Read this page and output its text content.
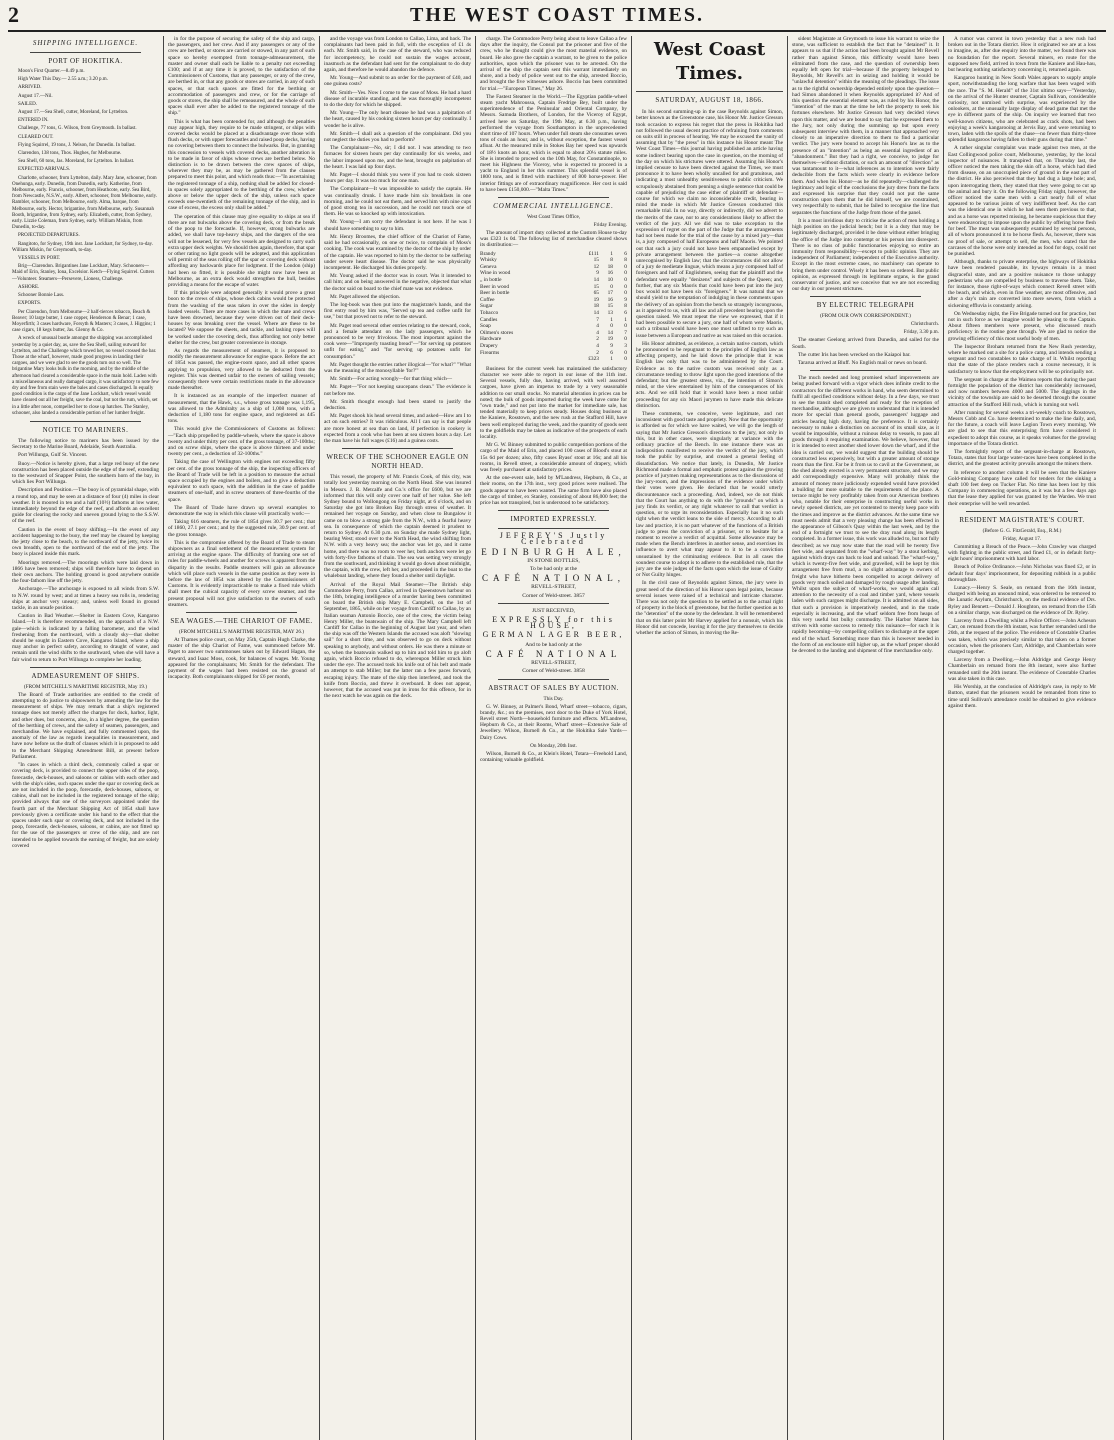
2	THE WEST COAST TIMES.
SHIPPING INTELLIGENCE.
PORT OF HOKITIKA.

Moon's First Quarter.—8.49 p.m.

High Water This Day.— 2.55 a.m.; 3.20 p.m.

ARRIVED.

August 17.—Nil.

SAILED.

August 17.—Sea Shell, cutter, Moreland, for Lyttelton.

ENTERED IN.

Challenge, 77 tons, G. Wilson, from Greymouth. In ballast.

CLEARED OUT.

Flying Squirrel, 19 tons, J. Nelson, for Dunedin. In ballast.

Clarendon, 138 tons, Thos. Hughes, for Melbourne.

Sea Shell, 60 tons, Jas. Moreland, for Lyttelton. In ballast.

EXPECTED ARRIVALS.

Charlotte, schooner, from Lyttelton, daily. Mary Jane, schooner, from Onehunga, early. Dunedin, from Dunedin, early. Katherine, from Melbourne, early. Francis, schooner, from Heathcote, early. Sea Bird, from Newcastle, N.S.W., early. Albert, schooner, from Melbourne, early. Rambler, schooner, from Melbourne, early. Alma, barque, from Melbourne, early. Hector, brigantine, from Melbourne, early. Susannah Booth, brigantine, from Sydney, early. Elizabeth, cutter, from Sydney, early. Lizzie Coleman, from Sydney, early. William Miskin, from Dunedin, to-day.

PROJECTED DEPARTURES.

Rangitoto, for Sydney, 19th inst. Jane Lockhart, for Sydney, to-day. William Miskin, for Greymouth, to-day.

VESSELS IN PORT.

Brig—Clarendon. Brigantines Jane Lockhart, Mary. Schooners—Maid of Erin, Stanley, Iona, Excelsior. Ketch—Flying Squirrel. Cutters—Volunteer. Steamers—Persevere, Lioness, Challenge.

ASHORE.

Schooner Bonnie Lass.

EXPORTS.

Per Clarendon, from Melbourne—2 half-tierces tobacco, Beach & Beaver; 10 large butter, 1 case copper, Henderson & Benar; 1 case, Moyerfirth; 3 cases hardware, Forsyth & Masters; 3 cases, J. Higgins; 1 case cigars, 18 kegs butter, Jas. Glenny & Co.

A wreck of unusual bustle amongst the shipping was accomplished yesterday by a quiet day, as, save the Sea Shell, sailing outward for Lyttelton, and the Challenge which towed her, no vessel crossed the bar. Those at the wharf, however, made good progress in landing their cargoes, and we were glad to see the goods turn out so well. The brigantine Mary looks bulk in the morning, and by the middle of the afternoon had cleared a considerable space in the main hold. Laden with a miscellaneous and really damaged cargo, it was satisfactory to note few dry and free from stain were the bales and cases discharged. In equally good condition is the cargo of the Jane Lockhart, which vessel would have cleared out all her freight, save the coal, but not the rum, which, set in a little after noon, compelled her to close up hatches. The Stanley, schooner, also landed a considerable portion of her lumber freight.

NOTICE TO MARINERS.

The following notice to mariners has been issued by the Secretary to the Marine Board, Adelaide, South Australia.

Port Willunga, Gulf St. Vincent.

Buoy.—Notice is hereby given, that a large red buoy of the new construction has been placed outside the edge of the reef, extending to the westward of Snapper Point, the southern horn of the bay, in which lies Port Willunga.

Description and Position.—The buoy is of pyramidal shape, with a round top, and may be seen at a distance of four (4) miles in clear weather. It is moored in ten and a half (10½) fathoms at low water, immediately beyond the edge of the reef, and affords an excellent guide for clearing the rocky and uneven ground lying to the S.S.W. of the reef.

Caution in the event of buoy shifting.—In the event of any accident happening to the buoy, the reef may be cleared by keeping the jetty close to the beach, to the northward of the jetty, twice its own breadth, open to the northward of the end of the jetty. The buoy is placed inside this mark.

Moorings removed.—The moorings which were laid down in 1866 have been removed; ships will therefore have to depend on their own anchors. The holding ground is good anywhere outside the four-fathom line off the jetty.

Anchorage.—The anchorage is exposed to all winds from S.W. to N.W. round by west; and at times a heavy sea rolls in, rendering ships at anchor very uneasy; and, unless well found in ground tackle, in an unsafe position.

Caution in Bad Weather.—Shelter in Eastern Cove, Kangaroo Island.—It is therefore recommended, on the approach of a N.W. gale—which is indicated by a falling barometer, and the wind freshening from the northward, with a cloudy sky—that shelter should be sought in Eastern Cove, Kangaroo Island, where a ship may anchor in perfect safety, according to draught of water, and remain until the wind shifts to the southward, when she will have a fair wind to return to Port Willunga to complete her loading.

ADMEASUREMENT OF SHIPS.
(FROM MITCHELL'S MARITIME REGISTER, May 19.)

The Board of Trade authorities are entitled to the credit of attempting to do justice to shipowners by amending the law for the measurement of ships. We may remark that a ship's registered tonnage does not merely affect the charges for dock, harbor, light, and other dues, but concerns, also, in a higher degree, the question of the berthing of crews, and the safety of seamen, passengers, and merchandise. We have explained, and fully commented upon, the anomaly of the law as regards inequalities in measurement, and have now before us the draft of clauses which it is proposed to add to the Merchant Shipping Amendment Bill, at present before Parliament.

"In cases in which a third deck, commonly called a spar or covering deck, is provided to connect the upper sides of the poop, forecastle, deck-houses, and saloons or cabins with each other and with the ship's sides, such spaces under the spar or covering deck as are not included in the poop, forecastle, deck-houses, saloons, or cabins, shall not be included in the registered tonnage of the ship; provided always that one of the surveyors appointed under the fourth part of the Merchant Shipping Act of 1854 shall have previously given a certificate under his hand to the effect that the spaces under such spar or covering deck, and not included in the poop, forecastle, deck-houses, saloons, or cabins, are not fitted up for the use of the passengers or crew of the ship, and are not intended to be applied towards the earning of freight, but are solely covered

in for the purpose of securing the safety of the ship and cargo, the passengers, and her crew. And if any passengers or any of the crew are berthed, or stores are carried or stowed, in any part of such space so hereby exempted from tonnage-admeasurement, the master and owner shall each be liable to a penalty not exceeding £100; and if at any time it is proved, to the satisfaction of the Commissioners of Customs, that any passenger, or any of the crew, are berthed in, or that any goods or stores are carried, in any of such spaces, or that such spaces are fitted for the berthing or accommodation of passengers and crew, or for the carriage of goods or stores, the ship shall be remeasured, and the whole of such spaces shall ever after be added to the registered tonnage of the ship."

This is what has been contended for, and although the penalties may appear high, they require to be made stringent, or ships with covered decks would be placed at a disadvantage over those with flush decks, or with upper forecastles and raised poop decks, having no covering between them to connect the bulwarks. But, in granting this concession to vessels with covered decks, another alteration is to be made in favor of ships whose crews are berthed below. No distinction is to be drawn between the crew spaces of ships, wherever they may be, as may be gathered from the clauses prepared to meet this point, and which reads thus:—"In ascertaining the registered tonnage of a ship, nothing shall be added for closed-in spaces solely appropriated to the berthing of the crew, whether above or below the upper deck of the ship, unless such space exceeds one-twentieth of the remaining tonnage of the ship, and in case of excess, the excess only shall be added."

The operation of this clause may give equality to ships at sea if there are not bulwarks above the covering deck, or from the break of the poop to the forecastle. If, however, strong bulwarks are added, we shall have top-heavy ships, and the dangers of the sea will not be lessened, for very few vessels are designed to carry such extra upper deck weights. We should then again, therefore, that spar or other rating no light goods will be adopted, and this application will permit of the seas rolling off the spar or covering deck without affording any backwards place for lodgment. If the London (ship) had been so fitted, it is possible she might now have been at Melbourne, as an extra deck would strengthen the hull, besides providing a means for the escape of water.

If this principle were adopted generally it would prove a great boon to the crews of ships, whose deck cabins would be protected from the washing of the seas taken in over the sides in deeply loaded vessels. There are more cases in which the mate and crews have been drowned, because they were driven out of their deck-houses by seas breaking over the vessel. Where are these to be located? We suppose the sheets, and tackle, and lashing ropes will be worked under the covering deck, thus affording not only better shelter for the crew, but greater convenience in storage.

As regards the measurement of steamers, it is proposed to modify the measurement allowance for engine space. Before the act of 1854 was passed, the engine-room space, and all other spaces applying to propulsion, very allowed to be deducted from the register. This was deemed unfair to the owners of sailing vessels; consequently there were certain restrictions made in the allowance made thereafter.

It is instanced as an example of the imperfect manner of measurement, that the Hawk, s.s., whose gross tonnage was 1,195, was allowed to the Admiralty as a ship of 1,008 tons, with a deduction of 1,180 tons for engine space, and registered as 445 tons.

This would give the Commissioners of Customs as follows:—"Each ship propelled by paddle-wheels, where the space is above twenty and under thirty per cent. of the gross tonnage, of 37-100ths; and on screw ships, where the space is above thirteen and under twenty per cent., a deduction of 32-100ths."

Taking the case of Wellington with engines not exceeding fifty per cent. of the gross tonnage of the ship, the inspecting officers of the Board of Trade will be left in a position to measure the actual space occupied by the engines and boilers, and to give a deduction equivalent to such space, with the addition in the case of paddle steamers of one-half, and in screw steamers of three-fourths of the space.

The Board of Trade have drawn up several examples to demonstrate the way in which this clause will practically work:—

Taking 616 steamers, the rule of 1854 gives 30.7 per cent.; that of 1860, 27.1 per cent.; and by the suggested rule, 30.9 per cent. of the gross tonnage.

This is the compromise offered by the Board of Trade to steam shipowners as a final settlement of the measurement system for arriving at the engine space. The difficulty of framing one set of rules for paddle-wheels and another for screws is apparent from the disparity in the results. Paddle steamers will gain an allowance which will place such vessels in the same position as they were in before the law of 1854 was altered by the Commissioners of Customs. It is evidently impracticable to make a fixed rule which shall meet the cubical capacity of every screw steamer, and the present proposal will not give satisfaction to the owners of such steamers.

SEA WAGES.—THE CHARIOT OF FAME.
(FROM MITCHELL'S MARITIME REGISTER, MAY 26.)

At Thames police court, on May 25th, Captain Hugh Clarke, the master of the ship Chariot of Fame, was summoned before Mr. Paget to answer two summonses taken out by Edward Hagan, the steward, and Isaac Moss, cook, for balances of wages. Mr. Young appeared for the complainants; Mr. Smith for the defendant. The payment of the wages had been resisted on the ground of incapacity. Both complainants shipped for £6 per month,

and the voyage was from London to Callao, Lima, and back. The complainants had been paid in full, with the exception of £1 4s each. Mr. Smith said, in the case of the steward, who was reduced for incompetency, he could not sustain the wages account, inasmuch as the defendant had sent for the complainant to do duty again, and therefore he would abandon the defence.

Mr. Young—And submit to an order for the payment of £40, and one guinea costs?

Mr. Smith—Yes. Now I come to the case of Moss. He had a hard disease of incurable standing, and he was thoroughly incompetent to do the duty for which he shipped.

Mr. Young—The only heart disease he had was a palpitation of the heart, caused by his cooking sixteen hours per day continually. I wonder he is alive.

Mr. Smith—I shall ask a question of the complainant. Did you not neglect the duties you had to perform?

The Complainant—No, sir; I did not. I was attending to two furnaces for sixteen hours per day continually for six weeks, and the labor imposed upon me, and the heat, brought on palpitation of the heart. I was laid up four days.

Mr. Paget—I should think you were if you had to cook sixteen hours per day. It was too much for one man.

The Complainant—It was impossible to satisfy the captain. He was continually drunk. I have made him six breakfasts in one morning, and he could not eat them, and served him with nine cups of good strong tea in succession, and he could not touch one of them. He was so knocked up with intoxication.

Mr. Young—I am sorry the defendant is not here. If he was I should have something to say to him.

Mr. Henry Broomes, the chief officer of the Chariot of Fame, said he had occasionally, on one or twice, to complain of Moss's cooking. The cook was examined by the doctor of the ship by order of the captain. He was reported to him by the doctor to be suffering under severe heart disease. The doctor said he was physically incompetent. He discharged his duties properly.

Mr. Young asked if the doctor was in court. Was it intended to call him; and on being answered in the negative, objected that what the doctor said on board to the chief mate was not evidence.

Mr. Paget allowed the objection.

The log-book was then put into the magistrate's hands, and the first entry read by him was, "Served up tea and coffee unfit for use," but that proved not to refer to the steward.

Mr. Paget read several other entries relating to the steward, cook, and a female attendant on the lady passengers, which he pronounced to be very frivolous. The most important against the cook were—"Improperly toasting bread"—"for serving up potatoes unfit for eating," and "for serving up potatoes unfit for consumption."

Mr. Paget thought the entries rather illogical—"for what?" "What was the meaning of the monosyllable 'for?'"

Mr. Smith—For acting wrongly—for that thing which—

Mr. Paget—"For not keeping saucepans clean." The evidence is not before me.

Mr. Smith thought enough had been stated to justify the deduction.

Mr. Paget shook his head several times, and asked—How am I to act on such entries? It was ridiculous. All I can say is that people are more honest at sea than on land, if perfection in cookery is expected from a cook who has been at sea sixteen hours a day. Let the man have his full wages (£16) and a guinea costs.

WRECK OF THE SCHOONER EAGLE ON NORTH HEAD.

This vessel, the property of Mr. Francis Cook, of this city, was totally lost yesterday morning on the North Head. She was insured in Messrs. J. B. Metcalfe and Co.'s office for £600, but we are informed that this will only cover one half of her value. She left Sydney bound to Wollongong on Friday night, at 6 o'clock, and on Saturday she got into Broken Bay through stress of weather. It remained her voyage on Sunday, and when close to Bungalow it came on to blow a strong gale from the N.W., with a fearful heavy sea. In consequence of which the captain deemed it prudent to return to Sydney. At 6.30 p.m. on Sunday she made Sydney light, bearing West; stood over to the North Head, the wind shifting from N.W. with a very heavy sea; the anchor was let go, and it came home, and there was no room to veer her, both anchors were let go with forty-five fathoms of chain. The sea was setting very strongly from the southward, and thinking it would go down about midnight, the captain, with the crew, left her, and proceeded in the boat to the whaleboat landing, where they found a shelter until daylight.

Arrival of the Royal Mail Steamer—The British ship Commodore Perry, from Callao, arrived in Queenstown harbour on the 18th, bringing intelligence of a murder having been committed on board the British ship Mary E. Campbell, on the 1st of September, 1865, while on her voyage from Cardiff to Callao, by an Italian seaman Antonio Boccio, one of the crew, the victim being Henry Miller, the boatswain of the ship. The Mary Campbell left Cardiff for Callao in the beginning of August last year, and when the ship was off the Western Islands the accused was aloft "slowing sail" for a short time, and was observed to go on deck without speaking to anybody, and without orders. He was there a minute or so, when the boatswain walked up to him and told him to go aloft again, which Boccio refused to do, whereupon Miller struck him under the eye. The accused took his knife out of his belt and made an attempt to stab Miller; but the latter ran a few paces forward, escaping injury. The mate of the ship then interfered, and took the knife from Boccio, and threw it overboard. It does not appear, however, that the accused was put in irons for this offence, for in the next watch he was again on the deck.

charge. The Commodore Perry being about to leave Callao a few days after the inquiry, the Consul put the prisoner and five of the crew, who he thought could give the most material evidence, on board. He also gave the captain a warrant, to be given to the police authorities, upon which the prisoner was to be arrested. On the arrival of the ship the captain sent this warrant immediately on shore, and a body of police went out to the ship, arrested Boccio, and brought the five witnesses ashore. Boccio has been committed for trial.—"European Times," May 26.

The Fastest Steamer in the World.—The Egyptian paddle-wheel steam yacht Mahroussa, Captain Fredrige Bey, built under the superintendence of the Peninsular and Oriental Company, by Messrs. Samuda Brothers, of London, for the Viceroy of Egypt, arrived here on Saturday, the 19th May, at 6.30 p.m., having performed the voyage from Southampton in the unprecedented short time of 107 hours. When under full steam she consumes seven tons of coals an hour, and is, without exception, the fastest vessel afloat. At the measured mile in Stokes Bay her speed was upwards of 18½ knots an hour, which is equal to about 20¼ statute miles. She is intended to proceed on the 10th May, for Constantinople, to meet his Highness the Viceroy, who is expected to proceed in a yacht to England in her this summer. This splendid vessel is of 1800 tons, and is fitted with machinery of 800 horse-power. Her interior fittings are of extraordinary magnificence. Her cost is said to have been £150,000.—"Malta Times."

COMMERCIAL INTELLIGENCE.
West Coast Times Office,
Friday Evening.

The amount of import duty collected at the Custom House to-day was £323 1s 0d. The following list of merchandise cleared shows its distribution:—

Brandy	£111	1	6
Whisky	15	8	8
Geneva	12	18	0
Wine in wood	9	16	0
„ in bottle	14	10	0
Beer in wood	15	0	0
Beer in bottle	65	17	0
Coffee	19	16	9
Sugar	18	15	8
Tobacco	14	13	6
Candles	7	1	1
Soap	4	0	0
Oilmen's stores	4	14	7
Hardware	2	19	0
Drapery	4	9	3
Firearms	2	6	0
	£323	1	0

Business for the current week has maintained the satisfactory character we were able to report in our issue of the 11th inst. Several vessels, fully due, having arrived, with well assorted cargoes, have given an impetus to trade by a very seasonable addition to our small stocks. No material alteration in prices can be noted; the bulk of goods imported during the week have come for "own trade," and not put into the market for immediate sale, has tended materially to keep prices steady. Houses doing business at the Kaniere, Rosstown, and the new rush at the Stafford Hill, have been well employed during the week, and the quantity of goods sent to the goldfields may be taken as indicative of the prospects of each locality.

Mr G. W. Binney submitted to public competition portions of the cargo of the Maid of Erin, and placed 100 cases of Blood's stout at 15s 6d per dozen; also, fifty cases Byass' stout at 16s; and all his rooms, in Revell street, a considerable amount of drapery, which was freely purchased at satisfactory prices.

At the one-event sale, held by M'Landress, Hepburn, & Co., at their rooms, on the 17th inst., very good prices were realised. The goods appear to have been wanted. The same firm have also placed the cargo of timber, ex Stanley, consisting of about 86,000 feet; the price has not transpired, but is understood to be satisfactory.

IMPORTED EXPRESSLY.
JEFFREY'S Justly Celebrated
EDINBURGH ALE,
IN STONE BOTTLES,
To be had only at the
CAFÉ NATIONAL,
REVELL-STREET,
Corner of Weld-street. 3857
JUST RECEIVED,
EXPRESSLY for this HOUSE,
GERMAN LAGER BEER,
And to be had only at the
CAFÉ NATIONAL
REVELL-STREET,
Corner of Weld-street. 3858
ABSTRACT OF SALES BY AUCTION.
This Day.

G. W. Binney, at Palmer's Bond, Wharf street—tobacco, cigars, brandy, &c.; on the premises, next door to the Duke of York Hotel, Revell street North—household furniture and effects. M'Landress, Hepburn & Co., at their Rooms, Wharf street—Extensive Sale of Jewellery. Wilson, Burnell & Co., at the Hokitika Sale Yards—Dairy Cows.

On Monday, 20th Inst.

Wilson, Burnell & Co., at Klein's Hotel, Totara—Freehold Land, containing valuable goldfield.

West Coast Times.
SATURDAY, AUGUST 18, 1866.

In his second summing-up in the case Reynolds against Simon, better known as the Greenstone case, his Honor Mr. Justice Gresson took occasion to express his regret that the press in Hokitika had not followed the usual decent practice of refraining from comments on suits still in process of hearing. We may be excused the vanity of assuming that by "the press" in this instance his Honor meant The West Coast Times—this journal having published an article having some indirect bearing upon the case in question, on the morning of the day on which his strictures were uttered. Assuming his Honor's implied censure to have been directed against the Times, we must pronounce it to have been wholly uncalled for and gratuitous, and indicating a most unhealthy sensitiveness to public criticism. We scrupulously abstained from penning a single sentence that could be capable of prejudicing the case either of plaintiff or defendant—course for which we claim no inconsiderable credit, bearing in mind the mode in which Mr Justice Gresson conducted this remarkable trial. In no way, directly or indirectly, did we advert to the merits of the case, nor to any considerations likely to affect the verdict of the jury. All we did was to take exception to the expression of regret on the part of the Judge that the arrangements had not been made for the trial of the cause by a mixed jury—that is, a jury composed of half Europeans and half Maoris. We pointed out that such a jury could not have been empannelled except by private arrangement between the parties—a course altogether unrecognised by English law; that the circumstances did not allow of a jury de medietate linguæ, which means a jury composed half of foreigners and half of Englishmen, seeing that the plaintiff and the defendant were equally "denizens" and subjects of the Queen; and, further, that any six Maoris that could have been put into the jury box would not have been six "foreigners." It was natural that we should yield to the temptation of indulging in these comments upon the delivery of an opinion from the bench so strangely incongruous, as it appeared to us, with all law and all precedent bearing upon the question raised. We must repeat the view we expressed, that if it had been possible to secure a jury, one half of whom were Maoris, such a tribunal would have been one most unfitted to try such an issue between a European and native as was raised on this occasion.

His Honor admitted, as evidence, a certain native custom, which he pronounced to be repugnant to the principles of English law as affecting property, and he laid down the principle that it was English law only that was to be administered by the Court. Evidence as to the native custom was received only as a circumstance tending to throw light upon the good intentions of the defendant; but the greatest stress, viz., the intention of Simon's mind, or the view entertained by him of the consequences of his acts. And we still hold that it would have been a most unfair proceeding for any six Maori jurymen to have made this delicate distinction.

These comments, we conceive, were legitimate, and not inconsistent with good taste and propriety. Now that the opportunity is afforded us for which we have waited, we will go the length of saying that Mr Justice Gresson's directions to the jury, not only in this, but in other cases, were singularly at variance with the ordinary practice of the Bench. In one instance there was an indisposition manifested to receive the verdict of the jury, which took the public by surprise, and created a general feeling of dissatisfaction. We notice that lately, in Dunedin, Mr Justice Richmond made a formal and emphatic protest against the growing practice of jurymen making representations as to the discussions of the jury-room, and the impressions of the evidence under which their votes were given. He declared that he would utterly discountenance such a proceeding. And, indeed, we do not think that the Court has anything to do with the "grounds" on which a jury finds its verdict, or any right whatever to call that verdict in question, or to urge its reconsideration. Especially has it no such right when the verdict leans to the side of mercy. According to all law and practice, it is no part whatever of the functions of a British judge to press the conviction of a prisoner, or to hesitate for a moment to receive a verdict of acquittal. Some allowance may be made when the Bench interferes in another sense, and exercises its influence to avert what may appear to it to be a conviction unsustained by the criminating evidence. But in all cases the soundest course to adopt is to adhere to the established rule, that the jury are the sole judges of the facts upon which the issue of Guilty or Not Guilty hinges.

In the civil case of Reynolds against Simon, the jury were in great need of the direction of his Honor upon legal points, because several issues were raised of a technical and intricate character. There was not only the question to be settled as to the actual right of property in the block of greenstone, but the further question as to the "detention" of the stone by the defendant. It will be remembered that on this latter point Mr Harvey applied for a nonsuit, which his Honor did not concede, leaving it for the jury themselves to decide whether the action of Simon, in moving the Re-

sident Magistrate at Greymouth to issue his warrant to seize the stone, was sufficient to establish the fact that he "detained" it. It appears to us that if the action had been brought against Mr Revell rather than against Simon, this difficulty would have been eliminated from the case, and the question of ownership been equally left open for trial—because if the property belonged to Reynolds, Mr Revell's act in seizing and holding it would be "unlawful detention" within the meaning of the pleadings. The issue as to the rightful ownership depended entirely upon the question—had Simon abandoned it when Reynolds appropriated it? And of this question the essential element was, as ruled by his Honor, the "intention" of the man at the time he left the property to seek his fortunes elsewhere. Mr Justice Gresson had very decided views upon this matter, and we are bound to say that he expressed them to the Jury, not only during the summing up but upon every subsequent interview with them, in a manner that approached very closely to an imperative direction to them to find a particular verdict. The jury were bound to accept his Honor's law as to the presence of an "intention" as being an essential ingredient of an "abandonment." But they had a right, we conceive, to judge for themselves—without dictation, or such an amount of "direction" as was tantamount to it—what inferences as to intention were fairly deducible from the facts which were clearly in evidence before them. And when his Honor—as he did repeatedly—challenged the legitimacy and logic of the conclusions the jury drew from the facts and expressed his surprise that they could not put the same construction upon them that he did himself, we are constrained, very respectfully to submit, that he failed to recognise the line that separates the functions of the Judge from those of the panel.

It is a most invidious duty to criticise the action of men holding a high position on the judicial bench; but it is a duty that may be legitimately discharged, provided it be done without either bringing the office of the Judge into contempt or his person into disrespect. There is no class of public functionaries enjoying so entire an immunity from responsibility—except to public opinion. They are independent of Parliament; independent of the Executive authority. Except in the most extreme cases, no machinery can operate to bring them under control. Wisely it has been so ordered. But public opinion, as expressed through its legitimate organs, is the grand conservator of justice, and we conceive that we are not exceeding our duty in our present strictures.

BY ELECTRIC TELEGRAPH
(FROM OUR OWN CORRESPONDENT.)
Christchurch.
Friday, 3.30 p.m.

The steamer Geelong arrived from Dunedin, and sailed for the South.

The cutter Iris has been wrecked on the Kaiapoi bar.

Tararua arrived at Bluff. No English mail or news on board.

The much needed and long promised wharf improvements are being pushed forward with a vigor which does infinite credit to the contractors for the different works in hand, who seem determined to fulfil all specified conditions without delay. In a few days, we trust to see the transit shed completed and ready for the reception of merchandise, although we are given to understand that it is intended more for special than general goods, passengers' luggage and articles bearing high duty, having the preference. It is certainly necessary to make a distinction on account of its small size, as it would be impossible, without a ruinous delay to vessels, to pass all goods through it requiring examination. We believe, however, that it is intended to erect another shed lower down the wharf, and if the idea is carried out, we would suggest that the building should be constructed less expensively, but with a greater amount of storage room than the first. Far be it from us to cavil at the Government, as the shed already erected is a very permanent structure, and we may add correspondingly expensive. Many will probably think the amount of money more judiciously expended would have provided a building far more suitable to the requirements of the place. A terrace might be very profitably taken from our American brethren who, notable for their enterprise in constructing useful works in newly opened districts, are yet contented to merely keep pace with the times and improve as the district advances. At the same time we must needs admit that a very pleasing change has been effected in the appearance of Gibson's Quay within the last week, and by the end of a fortnight we trust to see the dray road along its length completed. In a former issue, this work was alluded to, but not fully described; as we may now state that the road will be twenty five feet wide, and separated from the "wharf-way" by a stout kerbing, against which drays can back to load and unload. The "wharf-way," which is twenty-five feet wide, and gravelled, will be kept by this arrangement free from mud, a no slight advantage to owners of freight who have hitherto been compelled to accept delivery of goods very much soiled and damaged by rough usage after landing. Whilst upon the subject of wharf-works, we would again call attention to the necessity of a coal and timber yard, where vessels laden with such cargoes might discharge. It is admitted on all sides, that such a provision is imperatively needed, and in the trade especially is increasing, and the wharf seldom free from heaps of this very useful but bulky commodity. The Harbor Master has striven with some success to remedy this nuisance—for such it is rapidly becoming—by compelling colliers to discharge at the upper end of the wharf. Something more than this is however needed in the form of an enclosure still higher up, as the wharf proper should be devoted to the landing and shipment of fine merchandise only.

A rumor was current in town yesterday that a new rush had broken out in the Totara district. How it originated we are at a loss to imagine, as, after due enquiry into the matter, we found there was no foundation for the report. Several miners, en route for the supposed new field, arrived in town from the Kaniere and Hau-hau, but hearing nothing satisfactory concerning it, returned again.

Kangaroo hunting in New South Wales appears to supply ample sport, notwithstanding the long warfare that has been waged with the race. The "S. M. Herald" of the 31st ultimo says—"Yesterday, on the arrival of the Hunter steamer, Captain Sullivan, considerable curiosity, not unmixed with surprise, was experienced by the onlookers, at the unusually large display of dead game that met the eye in different parts of the ship. On inquiry we learned that two well-known citizens, who are celebrated as crack shots, had been enjoying a week's kangarooing at Jervis Bay, and were returning to town, laden with the spoils of the chase—no fewer than thirty-three splendid kangaroos having fallen to their guns during that time."

A rather singular complaint was made against two men, at the East Collingwood police court, Melbourne, yesterday, by the local inspector of nuisances. It transpired that, on Thursday last, the officer noticed the men taking the skin off a horse, which had died from disease, on an unoccupied piece of ground in the east part of the district. He also perceived that they had dug a large hole; and, upon interrogating them, they stated that they were going to cut up the animal and bury it. On the following Friday night, however, the officer noticed the same men with a cart nearly full of what appeared to be various joints of very indifferent beef. As the cart was the identical one in which he had seen them previous to that, and as a horse was reported missing, he became suspicious that they were endeavoring to impose upon the public by offering horse flesh for beef. The meat was subsequently examined by several persons, all of whom pronounced it to be horse flesh. As, however, there was no proof of sale, or attempt to sell, the men, who stated that the carcases of the horse were only intended as food for dogs, could not be punished.

Although, thanks to private enterprise, the highways of Hokitika have been rendered passable, its byways remain in a most disgraceful state, and are a positive nuisance to those unhappy pedestrians who are compelled by business to traverse them. Take, for instance, those right-of-ways which connect Revell street with the beach, and which, even in fine weather, are most offensive, and after a day's rain are converted into mere sewers, from which a sickening effluvia is constantly arising.

On Wednesday night, the Fire Brigade turned out for practice, but not in such force as we imagine would be pleasing to the Captain. About fifteen members were present, who discussed much proficiency in the routine gone through. We are glad to notice the growing efficiency of this most useful body of men.

The Inspector Broham returned from the New Rush yesterday, where he marked out a site for a police camp, and intends sending a sergeant and two constables to take charge of it. Whilst reporting that the state of the place renders such a course necessary, it is satisfactory to know that the employment will be so principally not.

The sergeant in charge at the Waimea reports that during the past fortnight the population of the district has considerably increased, and now numbers between 4000 and 5000. The diggings in the vicinity of the township are said to be deserted through the counter attraction of the Stafford Hill rush, which is turning out well.

After running for several weeks a tri-weekly coach to Rosstown, Messrs Cobb and Co. have determined to make the line daily, and, for the future, a coach will leave Legion Town every morning. We are glad to see that this enterprising firm have considered it expedient to adopt this course, as it speaks volumes for the growing importance of the Totara district.

The fortnightly report of the sergeant-in-charge at Rosstown, Totara, states that four large water-races have been completed in the district, and the greatest activity prevails amongst the miners there.

In reference to another column it will be seen that the Kaniere Gold-mining Company have called for tenders for the sinking a shaft 100 feet deep on Tucker Flat. No time has been lost by this Company in commencing operations, as it was but a few days ago that the lease they applied for was granted by the Warden. We trust their enterprise will be well rewarded.

RESIDENT MAGISTRATE'S COURT.
(Before G. G. FitzGerald, Esq., R.M.)
Friday, August 17.

Committing a Breach of the Peace.—John Crawley was charged with fighting in the public street, and fined £1, or in default forty-eight hours' imprisonment with hard labor.

Breach of Police Ordinance.—John Nicholas was fined £2, or in default four days' imprisonment, for depositing rubbish in a public thoroughfare.

Lunacy.—Henry S. Seale, on remand from the 16th instant, charged with being an unsound mind, was ordered to be removed to the Lunatic Asylum, Christchurch, on the medical evidence of Drs. Ryley and Bennett.—Donald J. Houghton, on remand from the 15th on a similar charge, was discharged on the evidence of Dr. Ryley.

Larceny from a Dwelling whilst a Police Officer.—John Acheson Carr, on remand from the 8th instant, was further remanded until the 26th, at the request of the police. The evidence of Constable Charles was taken, which was precisely similar to that taken on a former occasion, when the prisoners Carr, Aldridge, and Chamberlain were charged together.

Larceny from a Dwelling.—John Aldridge and George Henry Chamberlain on remand from the 8th instant, were also further remanded until the 26th instant. The evidence of Constable Charles was also taken in this case.

His Worship, at the conclusion of Aldridge's case, in reply to Mr Button, stated that the prisoners would be remanded from time to time until Sullivan's attendance could be obtained to give evidence against them.
